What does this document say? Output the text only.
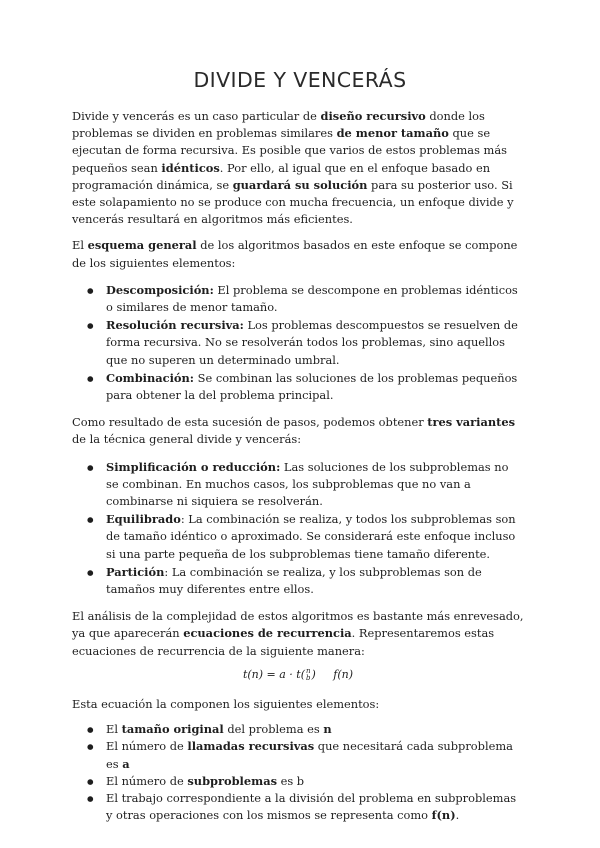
DIVIDE Y VENCERÁS

Divide y vencerás es un caso particular de diseño recursivo donde los problemas se dividen en problemas similares de menor tamaño que se ejecutan de forma recursiva. Es posible que varios de estos problemas más pequeños sean idénticos. Por ello, al igual que en el enfoque basado en programación dinámica, se guardará su solución para su posterior uso. Si este solapamiento no se produce con mucha frecuencia, un enfoque divide y vencerás resultará en algoritmos más eficientes.

El esquema general de los algoritmos basados en este enfoque se compone de los siguientes elementos:

● Descomposición: El problema se descompone en problemas idénticos o similares de menor tamaño.
● Resolución recursiva: Los problemas descompuestos se resuelven de forma recursiva. No se resolverán todos los problemas, sino aquellos que no superen un determinado umbral.
● Combinación: Se combinan las soluciones de los problemas pequeños para obtener la del problema principal.

Como resultado de esta sucesión de pasos, podemos obtener tres variantes de la técnica general divide y vencerás:

● Simplificación o reducción: Las soluciones de los subproblemas no se combinan. En muchos casos, los subproblemas que no van a combinarse ni siquiera se resolverán.
● Equilibrado: La combinación se realiza, y todos los subproblemas son de tamaño idéntico o aproximado. Se considerará este enfoque incluso si una parte pequeña de los subproblemas tiene tamaño diferente.
● Partición: La combinación se realiza, y los subproblemas son de tamaños muy diferentes entre ellos.

El análisis de la complejidad de estos algoritmos es bastante más enrevesado, ya que aparecerán ecuaciones de recurrencia. Representaremos estas ecuaciones de recurrencia de la siguiente manera:

t(n) = a · t( n
b ) f(n)

Esta ecuación la componen los siguientes elementos:

● El tamaño original del problema es n
● El número de llamadas recursivas que necesitará cada subproblema es a
● El número de subproblemas es b
● El trabajo correspondiente a la división del problema en subproblemas y otras operaciones con los mismos se representa como f(n).
